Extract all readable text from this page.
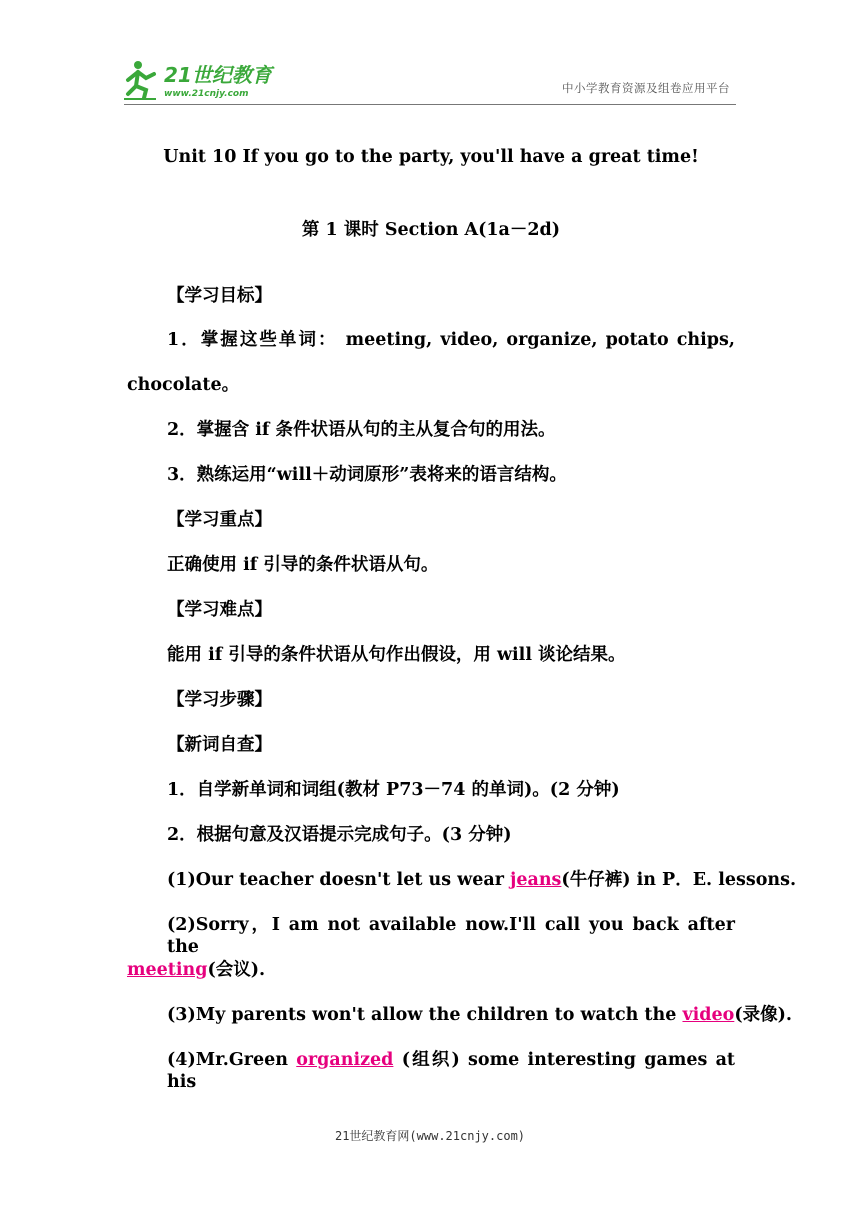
21世纪教育
www.21cnjy.com	中小学教育资源及组卷应用平台
Unit 10 If you go to the party, you'll have a great time!
第 1 课时 Section A(1a－2d)
【学习目标】
1．掌握这些单词： meeting, video, organize, potato chips,
chocolate。
2．掌握含 if 条件状语从句的主从复合句的用法。
3．熟练运用“will＋动词原形”表将来的语言结构。
【学习重点】
正确使用 if 引导的条件状语从句。
【学习难点】
能用 if 引导的条件状语从句作出假设，用 will 谈论结果。
【学习步骤】
【新词自查】
1．自学新单词和词组(教材 P73－74 的单词)。(2 分钟)
2．根据句意及汉语提示完成句子。(3 分钟)
(1)Our teacher doesn't let us wear jeans(牛仔裤) in P．E. lessons.
(2)Sorry，I am not available now.I'll call you back after the
meeting(会议).
(3)My parents won't allow the children to watch the video(录像).
(4)Mr.Green organized (组织) some interesting games at his
21世纪教育网(www.21cnjy.com)
